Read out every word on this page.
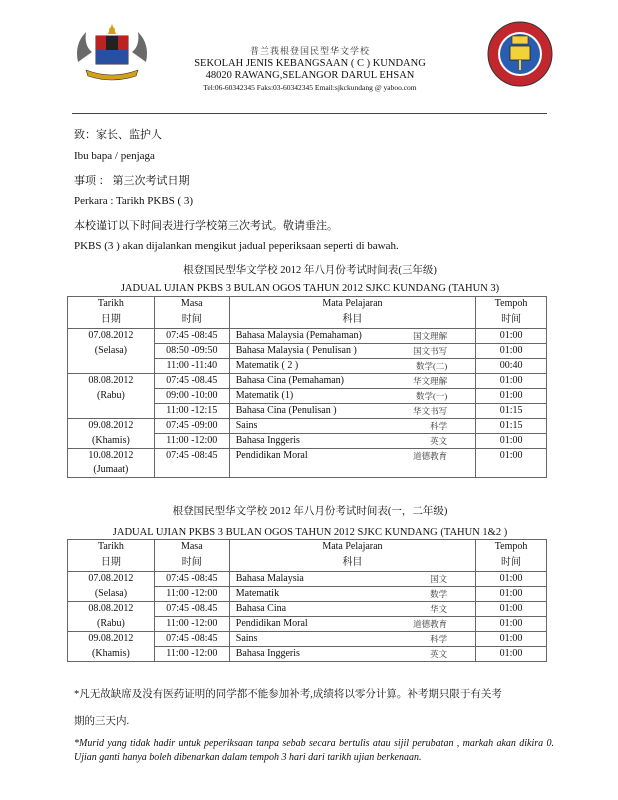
普兰莪根登国民型华文学校
SEKOLAH JENIS KEBANGSAAN ( C ) KUNDANG
48020 RAWANG,SELANGOR DARUL EHSAN
Tel:06-60342345 Faks:03-60342345 Email:sjkckundang @ yaboo.com
致：家长、监护人
Ibu bapa / penjaga
事项 ： 第三次考试日期
Perkara : Tarikh PKBS ( 3)
本校谨订以下时间表进行学校第三次考试。敬请垂注。
PKBS (3 ) akan dijalankan mengikut jadual peperiksaan seperti di bawah.
根登国民型华文学校 2012 年八月份考试时间表(三年级)
JADUAL UJIAN PKBS 3 BULAN OGOS TAHUN 2012 SJKC KUNDANG (TAHUN 3)
Tarikh	Masa	Mata Pelajaran	Tempoh
日期	时间	科目	时间
07.08.2012	07:45 -08:45	Bahasa Malaysia (Pemahaman) 国文理解	01:00
(Selasa)	08:50 -09:50	Bahasa Malaysia ( Penulisan ) 国文书写	01:00
	11:00 -11:40	Matematik ( 2 ) 数学(二)	00:40
08.08.2012	07:45 -08.45	Bahasa Cina (Pemahaman) 华文理解	01:00
(Rabu)	09:00 -10:00	Matematik (1) 数学(一)	01:00
	11:00 -12:15	Bahasa Cina (Penulisan ) 华文书写	01:15
09.08.2012	07:45 -09:00	Sains 科学	01:15
(Khamis)	11:00 -12:00	Bahasa Inggeris 英文	01:00
10.08.2012	07:45 -08:45	Pendidikan Moral 道德教育	01:00
(Jumaat)			
根登国民型华文学校 2012 年八月份考试时间表(一，二年级)
JADUAL UJIAN PKBS 3 BULAN OGOS TAHUN 2012 SJKC KUNDANG (TAHUN 1&2 )
Tarikh	Masa	Mata Pelajaran	Tempoh
日期	时间	科目	时间
07.08.2012	07:45 -08:45	Bahasa Malaysia 国文	01:00
(Selasa)	11:00 -12:00	Matematik 数学	01:00
08.08.2012	07:45 -08.45	Bahasa Cina 华文	01:00
(Rabu)	11:00 -12:00	Pendidikan Moral 道德教育	01:00
09.08.2012	07:45 -08:45	Sains 科学	01:00
(Khamis)	11:00 -12:00	Bahasa Inggeris 英文	01:00
*凡无故缺席及没有医药证明的同学都不能参加补考,成绩将以零分计算。补考期只限于有关考
期的三天内.
*Murid yang tidak hadir untuk peperiksaan tanpa sebab secara bertulis atau sijil perubatan , markah akan dikira 0. Ujian ganti hanya boleh dibenarkan dalam tempoh 3 hari dari tarikh ujian berkenaan.
